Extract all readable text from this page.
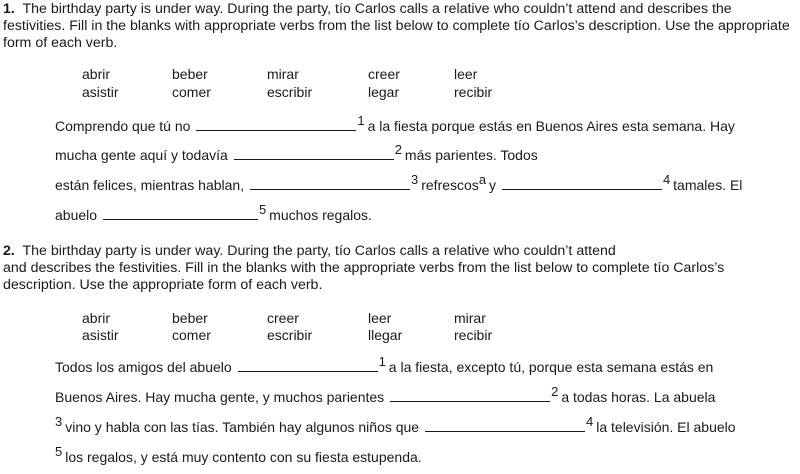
1. The birthday party is under way. During the party, tío Carlos calls a relative who couldn’t attend and describes the festivities. Fill in the blanks with appropriate verbs from the list below to complete tío Carlos’s description. Use the appropriate form of each verb.
abrir	beber	mirar	creer	leer
asistir	comer	escribir	legar	recibir
Comprendo que tú no	1 a la fiesta porque estás en Buenos Aires esta semana. Hay
mucha gente aquí y todavía	2 más parientes. Todos
están felices, mientras hablan,	3 refrescosa y	4 tamales. El
abuelo	5 muchos regalos.
2. The birthday party is under way. During the party, tío Carlos calls a relative who couldn’t attend
and describes the festivities. Fill in the blanks with the appropriate verbs from the list below to complete tío Carlos’s description. Use the appropriate form of each verb.
abrir	beber	creer	leer	mirar
asistir	comer	escribir	llegar	recibir
Todos los amigos del abuelo	1 a la fiesta, excepto tú, porque esta semana estás en
Buenos Aires. Hay mucha gente, y muchos parientes	2 a todas horas. La abuela
3 vino y habla con las tías. También hay algunos niños que	4 la televisión. El abuelo
5 los regalos, y está muy contento con su fiesta estupenda.
